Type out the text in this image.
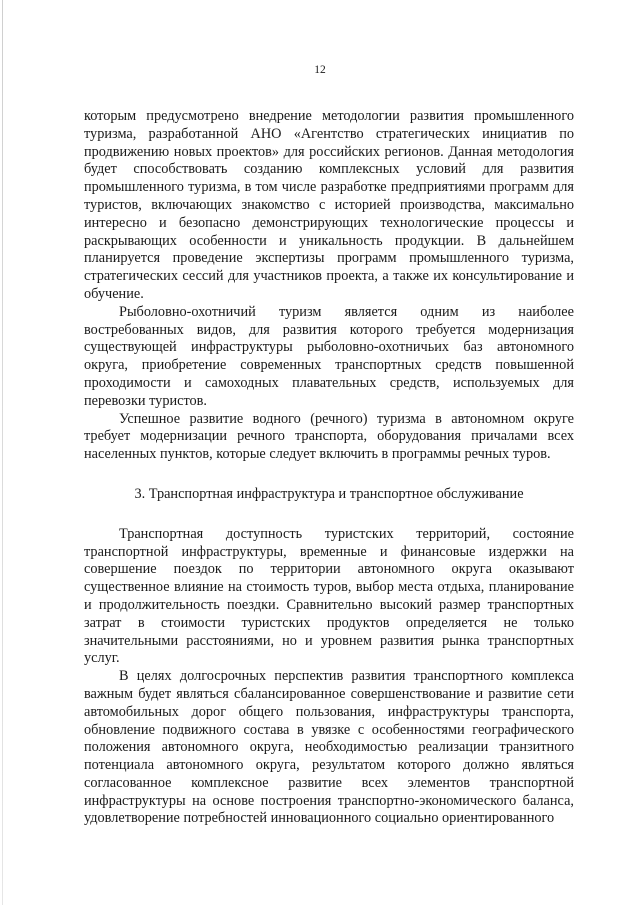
12

которым предусмотрено внедрение методологии развития промышленного туризма, разработанной АНО «Агентство стратегических инициатив по продвижению новых проектов» для российских регионов. Данная методология будет способствовать созданию комплексных условий для развития промышленного туризма, в том числе разработке предприятиями программ для туристов, включающих знакомство с историей производства, максимально интересно и безопасно демонстрирующих технологические процессы и раскрывающих особенности и уникальность продукции. В дальнейшем планируется проведение экспертизы программ промышленного туризма, стратегических сессий для участников проекта, а также их консультирование и обучение.

Рыболовно-охотничий туризм является одним из наиболее востребованных видов, для развития которого требуется модернизация существующей инфраструктуры рыболовно-охотничьих баз автономного округа, приобретение современных транспортных средств повышенной проходимости и самоходных плавательных средств, используемых для перевозки туристов.

Успешное развитие водного (речного) туризма в автономном округе требует модернизации речного транспорта, оборудования причалами всех населенных пунктов, которые следует включить в программы речных туров.

3. Транспортная инфраструктура и транспортное обслуживание

Транспортная доступность туристских территорий, состояние транспортной инфраструктуры, временные и финансовые издержки на совершение поездок по территории автономного округа оказывают существенное влияние на стоимость туров, выбор места отдыха, планирование и продолжительность поездки. Сравнительно высокий размер транспортных затрат в стоимости туристских продуктов определяется не только значительными расстояниями, но и уровнем развития рынка транспортных услуг.

В целях долгосрочных перспектив развития транспортного комплекса важным будет являться сбалансированное совершенствование и развитие сети автомобильных дорог общего пользования, инфраструктуры транспорта, обновление подвижного состава в увязке с особенностями географического положения автономного округа, необходимостью реализации транзитного потенциала автономного округа, результатом которого должно являться согласованное комплексное развитие всех элементов транспортной инфраструктуры на основе построения транспортно-экономического баланса, удовлетворение потребностей инновационного социально ориентированного
